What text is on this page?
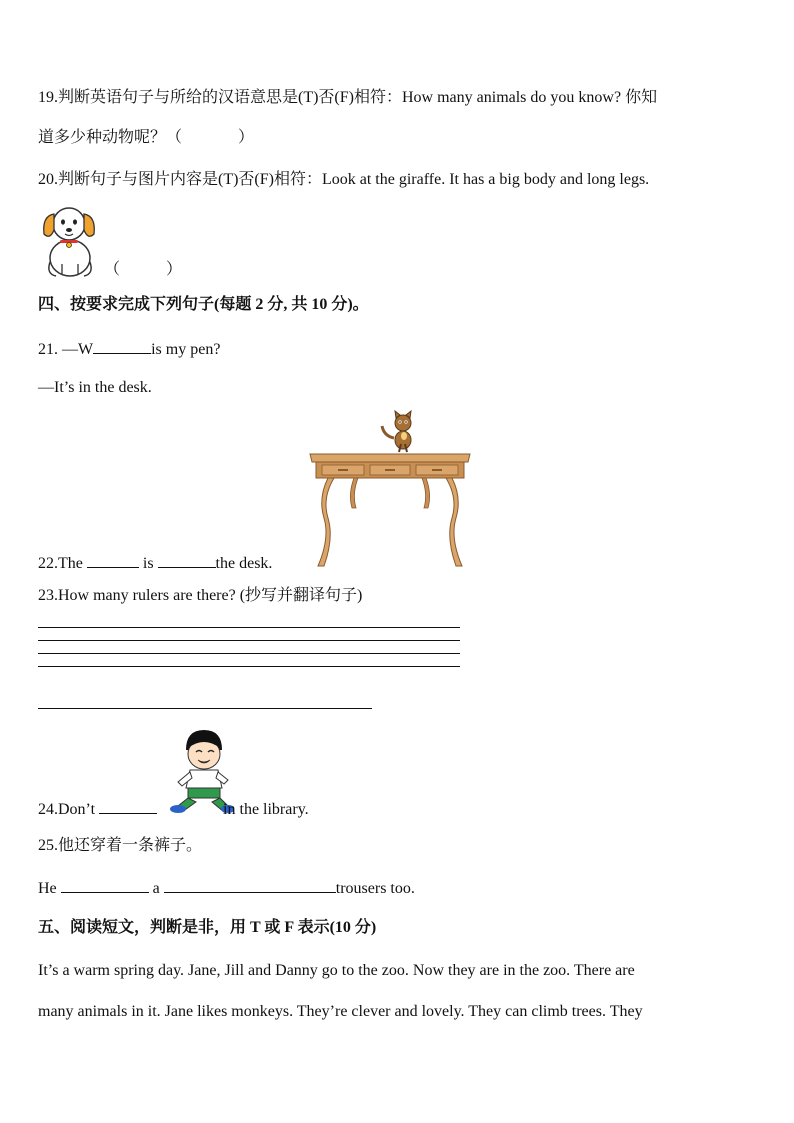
19.判断英语句子与所给的汉语意思是(T)否(F)相符：How many animals do you know? 你知
道多少种动物呢？（	）
20.判断句子与图片内容是(T)否(F)相符：Look at the giraffe. It has a big body and long legs.
（	）
四、按要求完成下列句子(每题 2 分, 共 10 分)。
21. —W	is my pen?
—It’s in the desk.
22.The	is	the desk.
23.How many rulers are there? (抄写并翻译句子)
24.Don’t	in the library.
25.他还穿着一条裤子。
He	a	trousers too.
五、阅读短文，判断是非，用 T 或 F 表示(10 分)
It’s a warm spring day. Jane, Jill and Danny go to the zoo. Now they are in the zoo. There are
many animals in it. Jane likes monkeys. They’re clever and lovely. They can climb trees. They
